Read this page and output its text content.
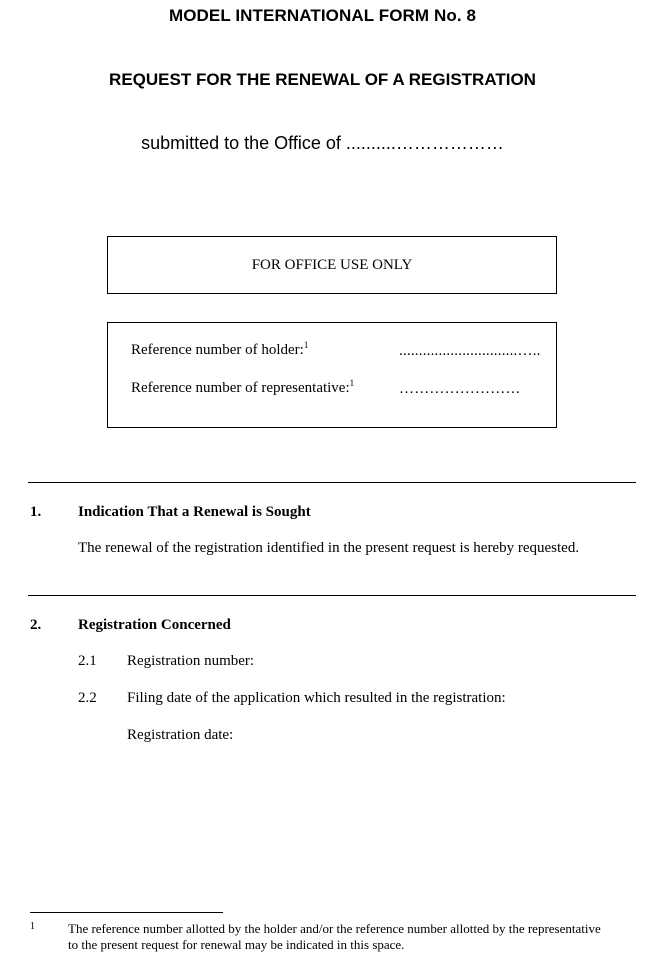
MODEL INTERNATIONAL FORM No. 8
REQUEST FOR THE RENEWAL OF A REGISTRATION
submitted to the Office of ..........………………
FOR OFFICE USE ONLY
Reference number of holder:$^1$	..............................…..
Reference number of representative:$^1$	……………………
1. Indication That a Renewal is Sought
The renewal of the registration identified in the present request is hereby requested.
2. Registration Concerned
2.1 Registration number:
2.2 Filing date of the application which resulted in the registration:
Registration date:
1	The reference number allotted by the holder and/or the reference number allotted by the representative to the present request for renewal may be indicated in this space.
